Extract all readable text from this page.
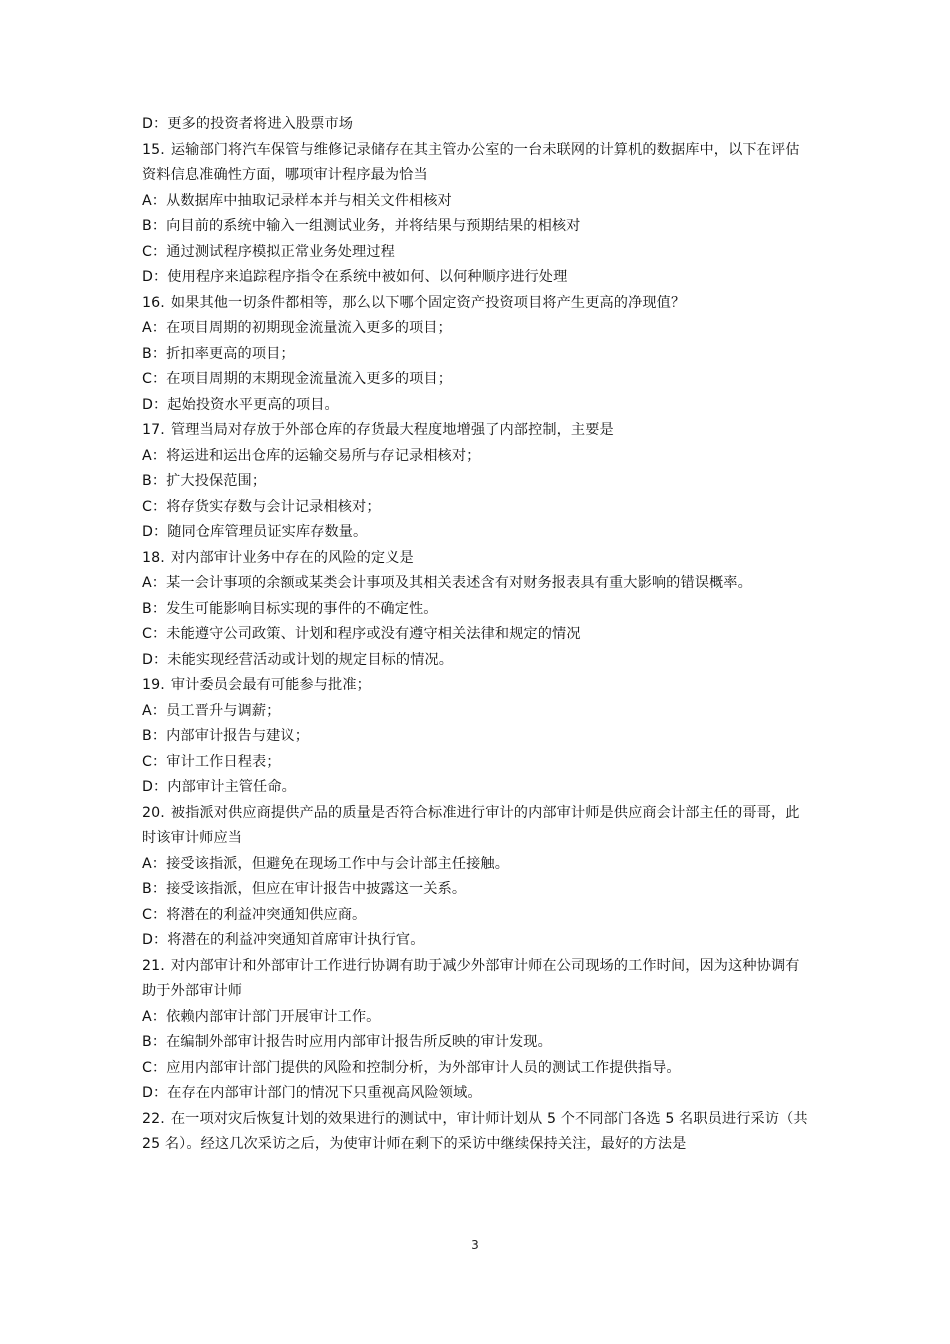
D：更多的投资者将进入股票市场
15. 运输部门将汽车保管与维修记录储存在其主管办公室的一台未联网的计算机的数据库中，以下在评估资料信息准确性方面，哪项审计程序最为恰当
A：从数据库中抽取记录样本并与相关文件相核对
B：向目前的系统中输入一组测试业务，并将结果与预期结果的相核对
C：通过测试程序模拟正常业务处理过程
D：使用程序来追踪程序指令在系统中被如何、以何种顺序进行处理
16. 如果其他一切条件都相等，那么以下哪个固定资产投资项目将产生更高的净现值？
A：在项目周期的初期现金流量流入更多的项目；
B：折扣率更高的项目；
C：在项目周期的末期现金流量流入更多的项目；
D：起始投资水平更高的项目。
17. 管理当局对存放于外部仓库的存货最大程度地增强了内部控制，主要是
A：将运进和运出仓库的运输交易所与存记录相核对；
B：扩大投保范围；
C：将存货实存数与会计记录相核对；
D：随同仓库管理员证实库存数量。
18. 对内部审计业务中存在的风险的定义是
A：某一会计事项的余额或某类会计事项及其相关表述含有对财务报表具有重大影响的错误概率。
B：发生可能影响目标实现的事件的不确定性。
C：未能遵守公司政策、计划和程序或没有遵守相关法律和规定的情况
D：未能实现经营活动或计划的规定目标的情况。
19. 审计委员会最有可能参与批准；
A：员工晋升与调薪；
B：内部审计报告与建议；
C：审计工作日程表；
D：内部审计主管任命。
20. 被指派对供应商提供产品的质量是否符合标准进行审计的内部审计师是供应商会计部主任的哥哥，此时该审计师应当
A：接受该指派，但避免在现场工作中与会计部主任接触。
B：接受该指派，但应在审计报告中披露这一关系。
C：将潜在的利益冲突通知供应商。
D：将潜在的利益冲突通知首席审计执行官。
21. 对内部审计和外部审计工作进行协调有助于减少外部审计师在公司现场的工作时间，因为这种协调有助于外部审计师
A：依赖内部审计部门开展审计工作。
B：在编制外部审计报告时应用内部审计报告所反映的审计发现。
C：应用内部审计部门提供的风险和控制分析，为外部审计人员的测试工作提供指导。
D：在存在内部审计部门的情况下只重视高风险领域。
22. 在一项对灾后恢复计划的效果进行的测试中，审计师计划从 5 个不同部门各选 5 名职员进行采访（共 25 名）。经这几次采访之后，为使审计师在剩下的采访中继续保持关注，最好的方法是
3
